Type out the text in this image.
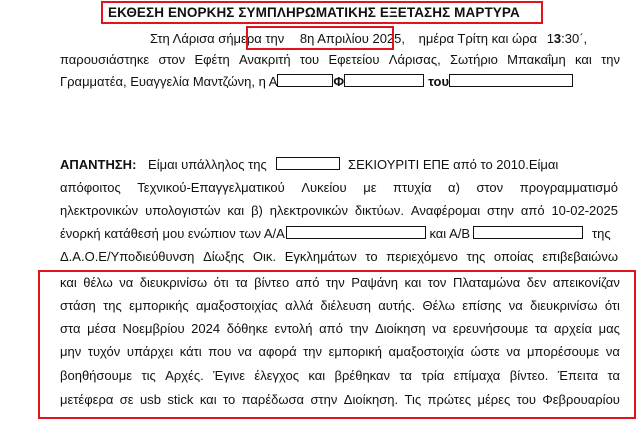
ΕΚΘΕΣΗ ΕΝΟΡΚΗΣ ΣΥΜΠΛΗΡΩΜΑΤΙΚΗΣ ΕΞΕΤΑΣΗΣ ΜΑΡΤΥΡΑ
Στη Λάρισα σήμερα την 8η Απριλίου 2025, ημέρα Τρίτη και ώρα 13:30΄,
παρουσιάστηκε στον Εφέτη Ανακριτή του Εφετείου Λάρισας, Σωτήριο Μπακαΐμη και την
Γραμματέα, Ευαγγελία Μαντζώνη, η Α	Φ	του
ΑΠΑΝΤΗΣΗ: Είμαι υπάλληλος της	ΣΕΚΙΟΥΡΙΤΙ ΕΠΕ από το 2010.Είμαι
απόφοιτος Τεχνικού-Επαγγελματικού Λυκείου με πτυχία α) στον προγραμματισμό
ηλεκτρονικών υπολογιστών και β) ηλεκτρονικών δικτύων. Αναφέρομαι στην από 10-02-2025
ένορκή κατάθεσή μου ενώπιον των Α/Α	και Α/Β	της
Δ.Α.Ο.Ε/Υποδιεύθυνση Δίωξης Οικ. Εγκλημάτων το περιεχόμενο της οποίας επιβεβαιώνω
και θέλω να διευκρινίσω ότι τα βίντεο από την Ραψάνη και τον Πλαταμώνα δεν απεικονίζαν
στάση της εμπορικής αμαξοστοιχίας αλλά διέλευση αυτής. Θέλω επίσης να διευκρινίσω ότι
στα μέσα Νοεμβρίου 2024 δόθηκε εντολή από την Διοίκηση να ερευνήσουμε τα αρχεία μας
μην τυχόν υπάρχει κάτι που να αφορά την εμπορική αμαξοστοιχία ώστε να μπορέσουμε να
βοηθήσουμε τις Αρχές. Έγινε έλεγχος και βρέθηκαν τα τρία επίμαχα βίντεο. Έπειτα τα
μετέφερα σε usb stick και το παρέδωσα στην Διοίκηση. Τις πρώτες μέρες του Φεβρουαρίου
